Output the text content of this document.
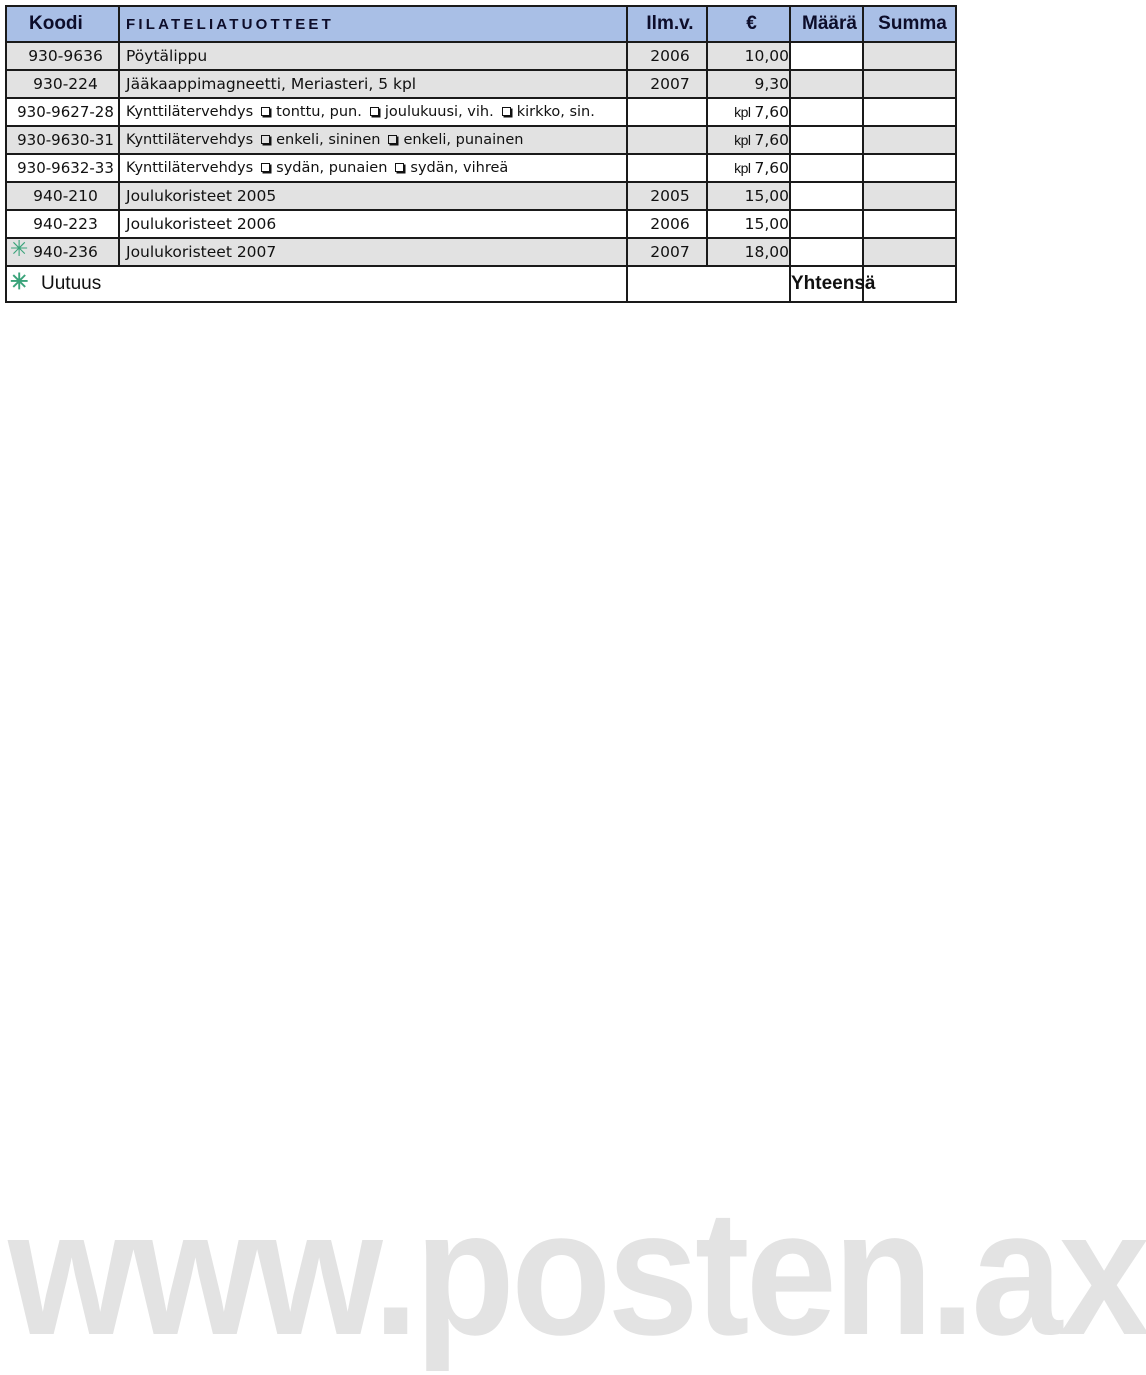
Koodi	FILATELIATUOTTEET	Ilm.v.	€	Määrä	Summa
930-9636	Pöytälippu	2006	10,00		
930-224	Jääkaappimagneetti, Meriasteri, 5 kpl	2007	9,30		
930-9627-28	Kynttilätervehdys tonttu, pun. joulukuusi, vih. kirkko, sin.		kpl 7,60		
930-9630-31	Kynttilätervehdys enkeli, sininen enkeli, punainen		kpl 7,60		
930-9632-33	Kynttilätervehdys sydän, punaien sydän, vihreä		kpl 7,60		
940-210	Joulukoristeet 2005	2005	15,00		
940-223	Joulukoristeet 2006	2006	15,00		

✳ 940-236	Joulukoristeet 2007	2007	18,00		

✳ Uutuus				Yhteensä	
www.posten.ax
